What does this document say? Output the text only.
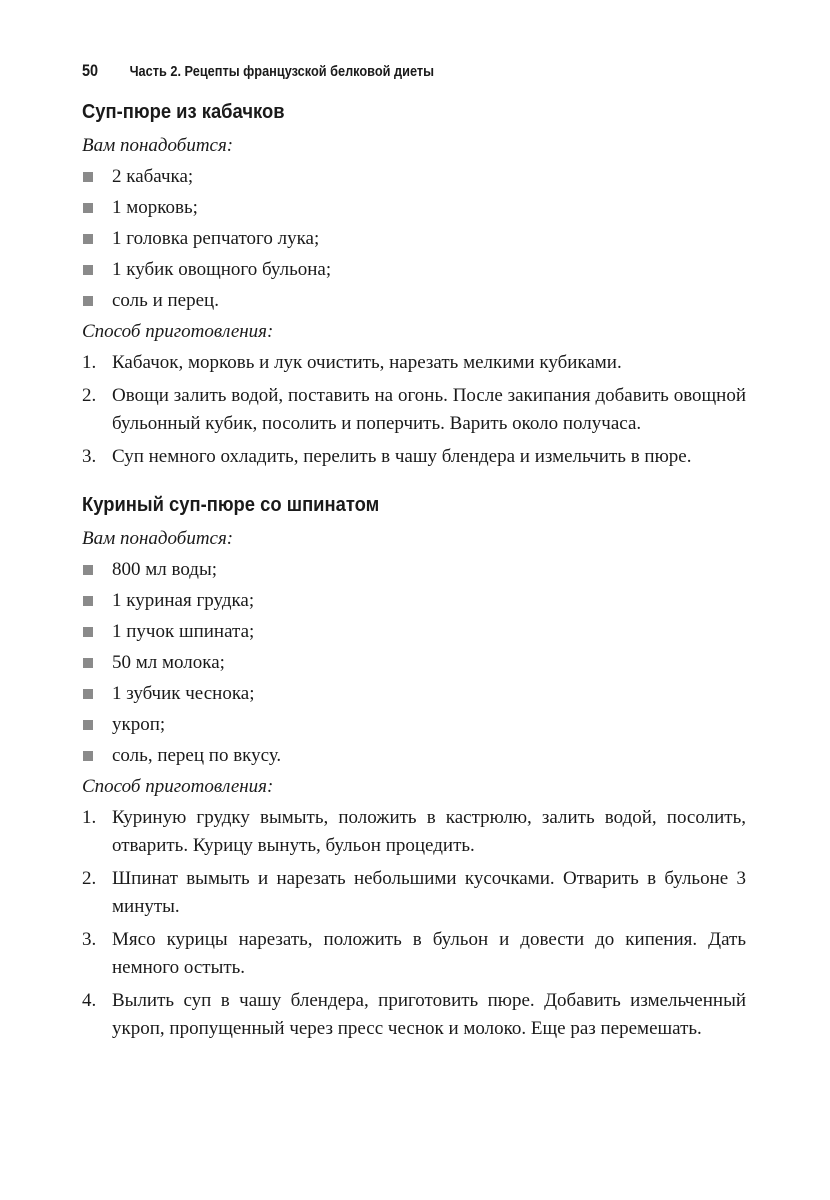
50 Часть 2. Рецепты французской белковой диеты
Суп-пюре из кабачков
Вам понадобится:
2 кабачка;
1 морковь;
1 головка репчатого лука;
1 кубик овощного бульона;
соль и перец.
Способ приготовления:
1. Кабачок, морковь и лук очистить, нарезать мелкими кубиками.
2. Овощи залить водой, поставить на огонь. После закипания добавить овощной бульонный кубик, посолить и поперчить. Варить около получаса.
3. Суп немного охладить, перелить в чашу блендера и измельчить в пюре.
Куриный суп-пюре со шпинатом
Вам понадобится:
800 мл воды;
1 куриная грудка;
1 пучок шпината;
50 мл молока;
1 зубчик чеснока;
укроп;
соль, перец по вкусу.
Способ приготовления:
1. Куриную грудку вымыть, положить в кастрюлю, залить водой, посолить, отварить. Курицу вынуть, бульон процедить.
2. Шпинат вымыть и нарезать небольшими кусочками. Отварить в бульоне 3 минуты.
3. Мясо курицы нарезать, положить в бульон и довести до кипения. Дать немного остыть.
4. Вылить суп в чашу блендера, приготовить пюре. Добавить измельченный укроп, пропущенный через пресс чеснок и молоко. Еще раз перемешать.
